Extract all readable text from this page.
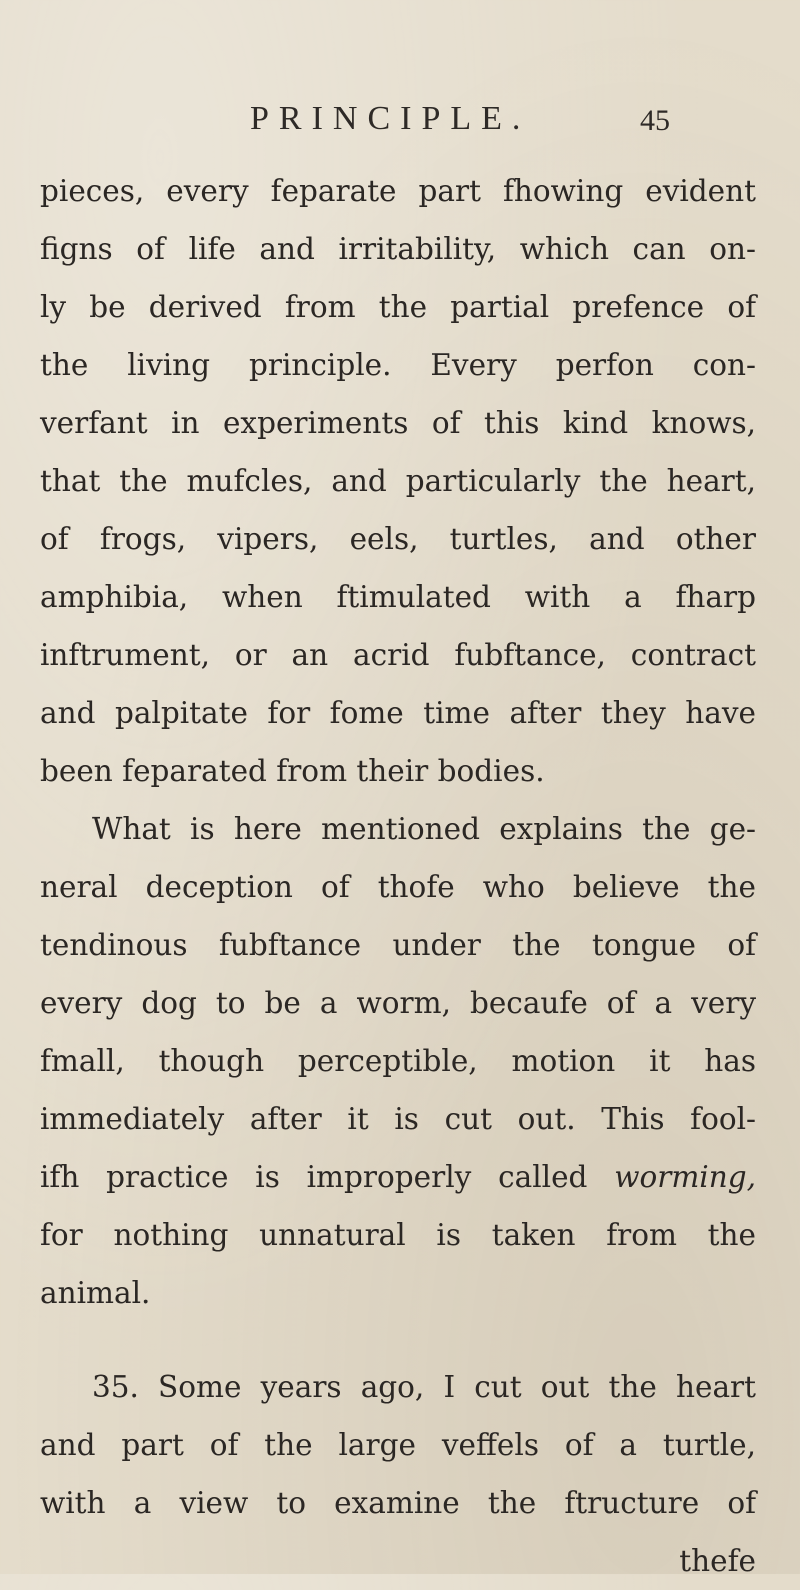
PRINCIPLE.	45
pieces, every feparate part fhowing evident
figns of life and irritability, which can on-
ly be derived from the partial prefence of
the living principle. Every perfon con-
verfant in experiments of this kind knows,
that the mufcles, and particularly the heart,
of frogs, vipers, eels, turtles, and other
amphibia, when ftimulated with a fharp
inftrument, or an acrid fubftance, contract
and palpitate for fome time after they have
been feparated from their bodies.
What is here mentioned explains the ge-
neral deception of thofe who believe the
tendinous fubftance under the tongue of
every dog to be a worm, becaufe of a very
fmall, though perceptible, motion it has
immediately after it is cut out. This fool-
ifh practice is improperly called worming,
for nothing unnatural is taken from the
animal.
35. Some years ago, I cut out the heart
and part of the large veffels of a turtle,
with a view to examine the ftructure of
thefe
